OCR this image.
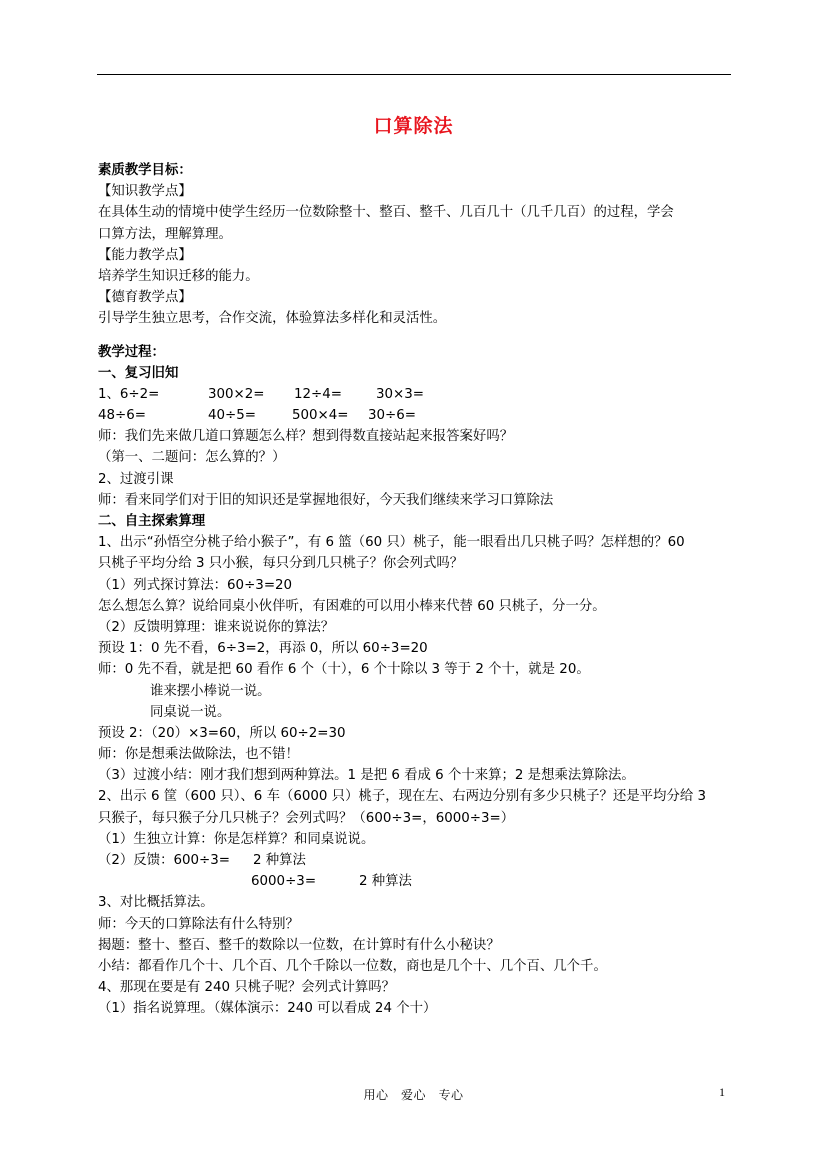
口算除法
素质教学目标：
【知识教学点】
在具体生动的情境中使学生经历一位数除整十、整百、整千、几百几十（几千几百）的过程，学会
口算方法，理解算理。
【能力教学点】
培养学生知识迁移的能力。
【德育教学点】
引导学生独立思考，合作交流，体验算法多样化和灵活性。
教学过程：
一、复习旧知
1、6÷2=	300×2= 12÷4=	30×3=
48÷6=	40÷5=	500×4= 30÷6=
师：我们先来做几道口算题怎么样？想到得数直接站起来报答案好吗？
（第一、二题问：怎么算的？）
2、过渡引课
师：看来同学们对于旧的知识还是掌握地很好，今天我们继续来学习口算除法
二、自主探索算理
1、出示“孙悟空分桃子给小猴子”，有 6 篮（60 只）桃子，能一眼看出几只桃子吗？怎样想的？60
只桃子平均分给 3 只小猴，每只分到几只桃子？你会列式吗？
（1）列式探讨算法：60÷3=20
怎么想怎么算？说给同桌小伙伴听，有困难的可以用小棒来代替 60 只桃子，分一分。
（2）反馈明算理：谁来说说你的算法？
预设 1：0 先不看，6÷3=2，再添 0，所以 60÷3=20
师：0 先不看，就是把 60 看作 6 个（十），6 个十除以 3 等于 2 个十，就是 20。
谁来摆小棒说一说。
同桌说一说。
预设 2：（20）×3=60，所以 60÷2=30
师：你是想乘法做除法，也不错！
（3）过渡小结：刚才我们想到两种算法。1 是把 6 看成 6 个十来算；2 是想乘法算除法。
2、出示 6 筐（600 只）、6 车（6000 只）桃子，现在左、右两边分别有多少只桃子？还是平均分给 3
只猴子，每只猴子分几只桃子？会列式吗？（600÷3=，6000÷3=）
（1）生独立计算：你是怎样算？和同桌说说。
（2）反馈：600÷3= 2 种算法
6000÷3=	2 种算法
3、对比概括算法。
师：今天的口算除法有什么特别？
揭题：整十、整百、整千的数除以一位数，在计算时有什么小秘诀？
小结：都看作几个十、几个百、几个千除以一位数，商也是几个十、几个百、几个千。
4、那现在要是有 240 只桃子呢？会列式计算吗？
（1）指名说算理。（媒体演示：240 可以看成 24 个十）
用心　爱心　专心	1
